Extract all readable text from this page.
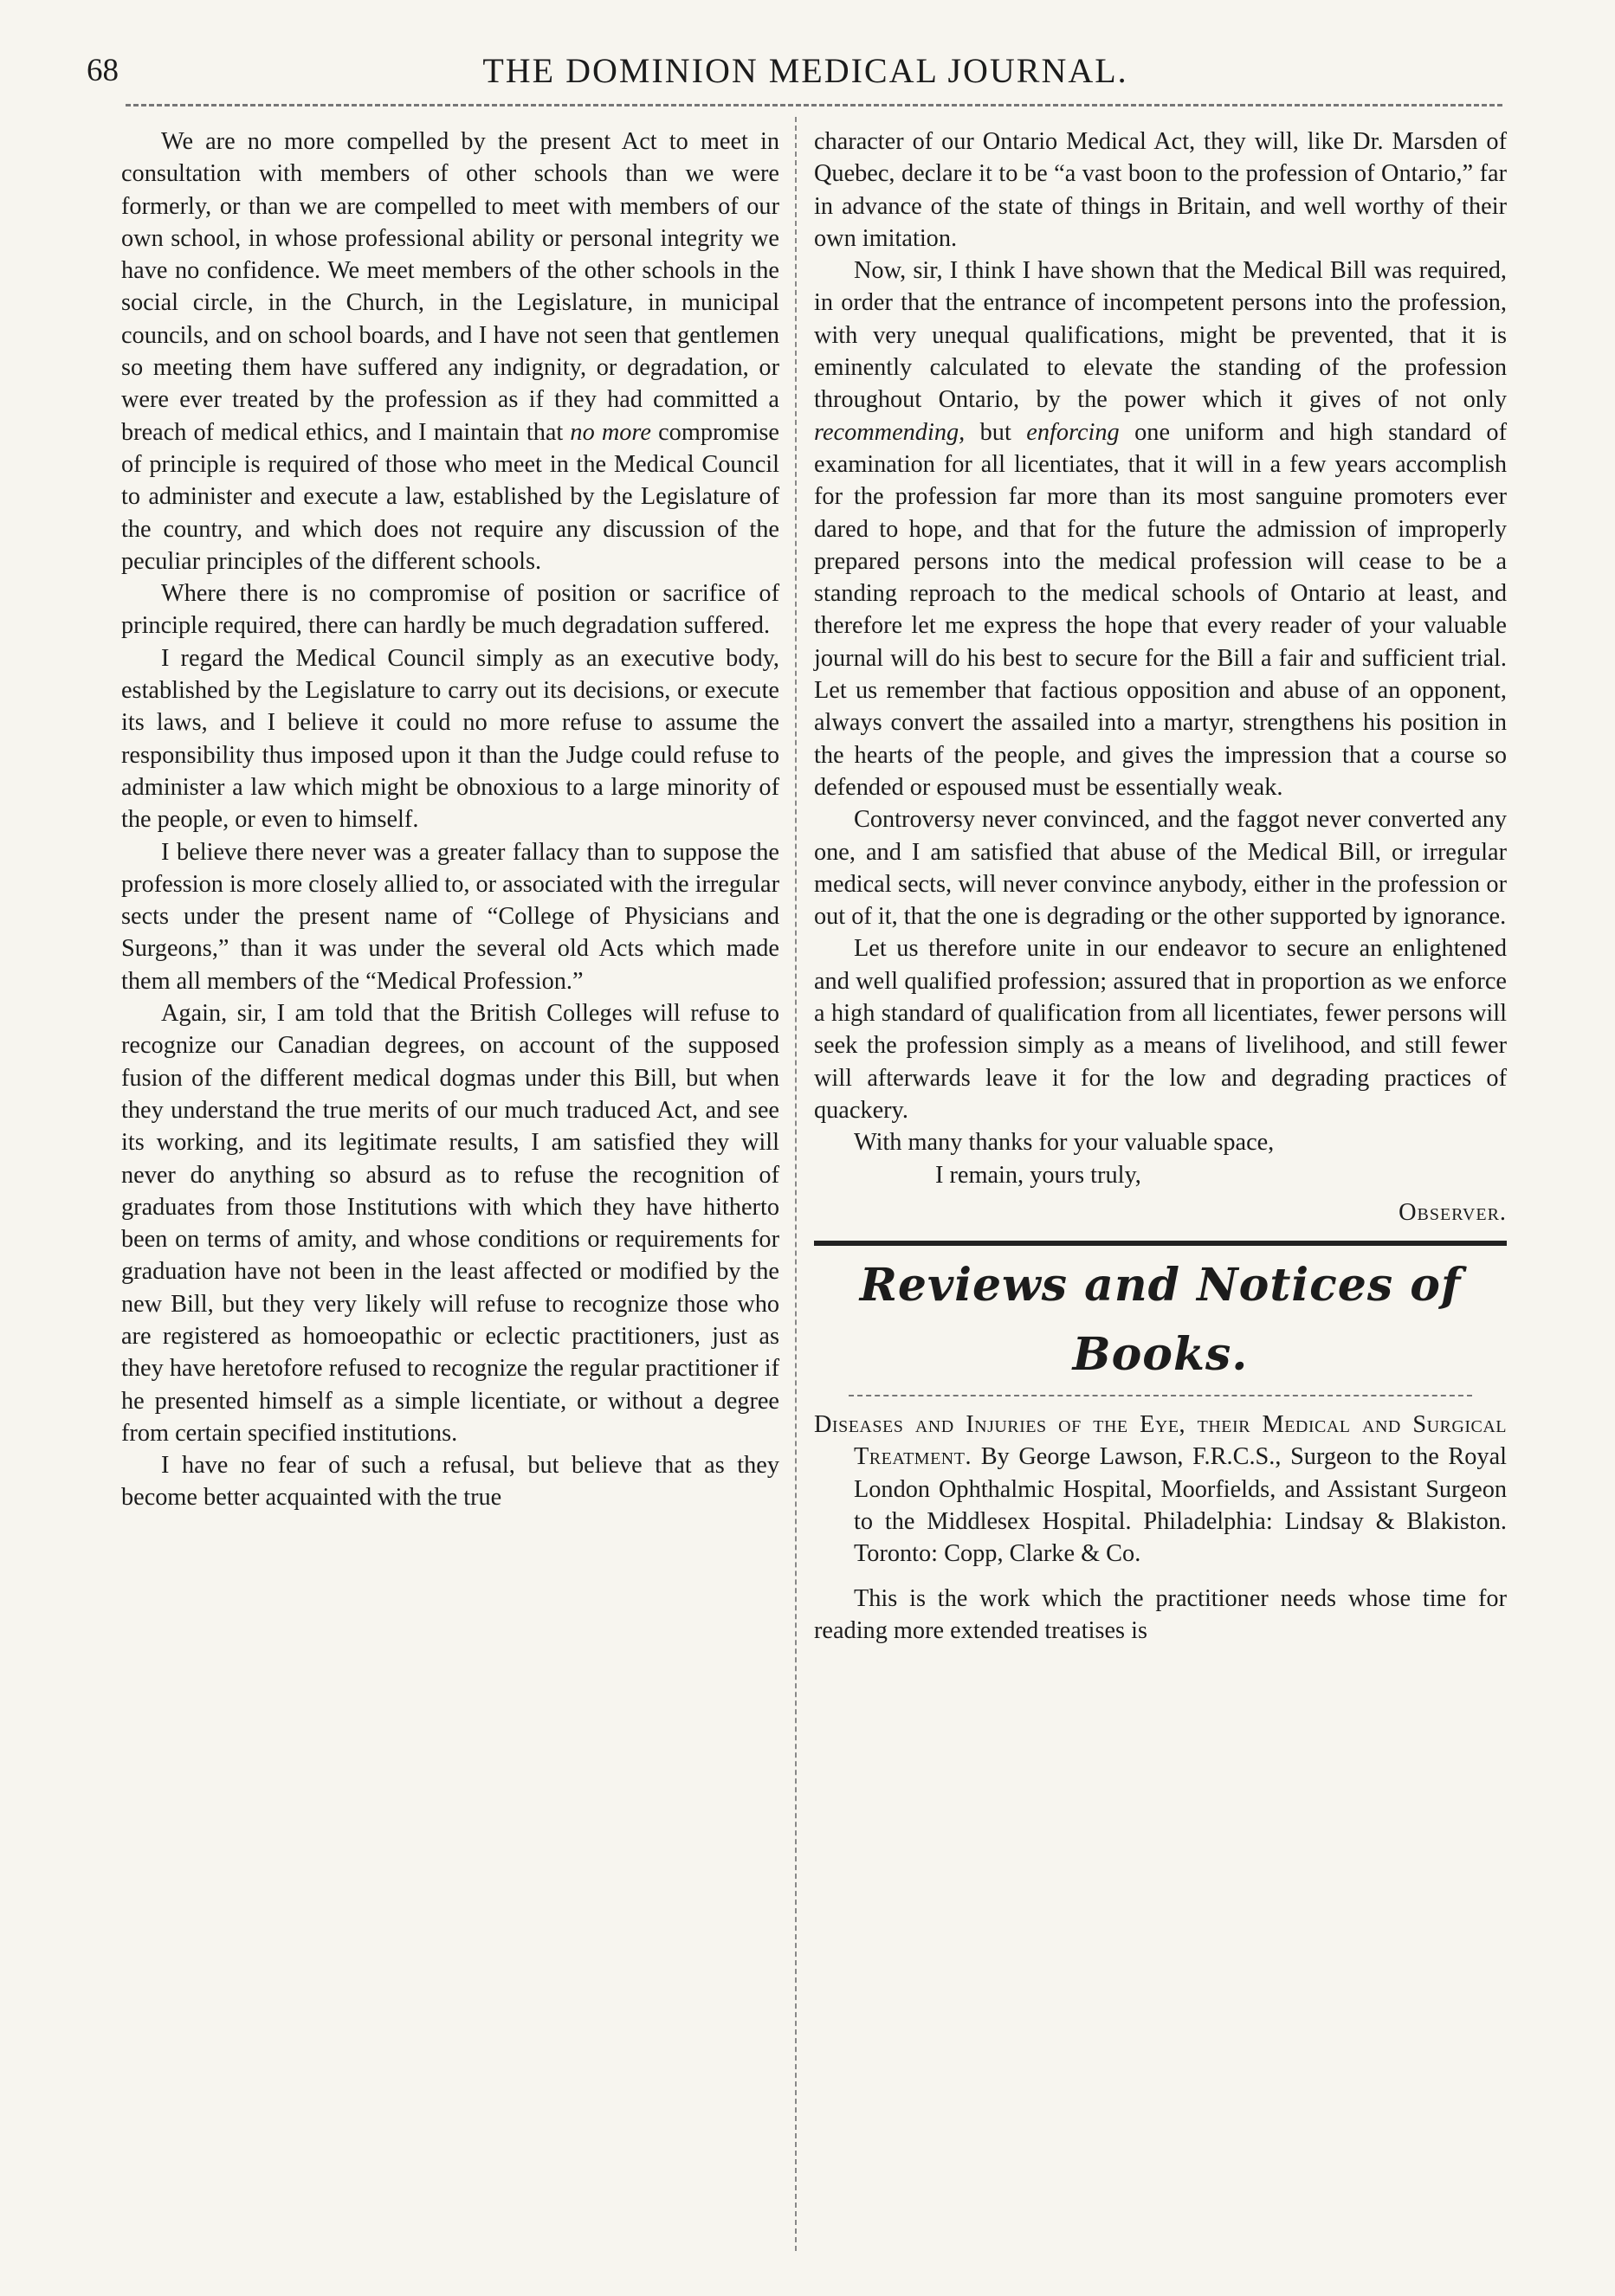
68	THE DOMINION MEDICAL JOURNAL.

We are no more compelled by the present Act to meet in consultation with members of other schools than we were formerly, or than we are compelled to meet with members of our own school, in whose professional ability or personal integrity we have no confidence. We meet members of the other schools in the social circle, in the Church, in the Legislature, in municipal councils, and on school boards, and I have not seen that gentlemen so meeting them have suffered any indignity, or degradation, or were ever treated by the profession as if they had committed a breach of medical ethics, and I maintain that no more compromise of principle is required of those who meet in the Medical Council to administer and execute a law, established by the Legislature of the country, and which does not require any discussion of the peculiar principles of the different schools.

Where there is no compromise of position or sacrifice of principle required, there can hardly be much degradation suffered.

I regard the Medical Council simply as an executive body, established by the Legislature to carry out its decisions, or execute its laws, and I believe it could no more refuse to assume the responsibility thus imposed upon it than the Judge could refuse to administer a law which might be obnoxious to a large minority of the people, or even to himself.

I believe there never was a greater fallacy than to suppose the profession is more closely allied to, or associated with the irregular sects under the present name of “College of Physicians and Surgeons,” than it was under the several old Acts which made them all members of the “Medical Profession.”

Again, sir, I am told that the British Colleges will refuse to recognize our Canadian degrees, on account of the supposed fusion of the different medical dogmas under this Bill, but when they understand the true merits of our much traduced Act, and see its working, and its legitimate results, I am satisfied they will never do anything so absurd as to refuse the recognition of graduates from those Institutions with which they have hitherto been on terms of amity, and whose conditions or requirements for graduation have not been in the least affected or modified by the new Bill, but they very likely will refuse to recognize those who are registered as homoeopathic or eclectic practitioners, just as they have heretofore refused to recognize the regular practitioner if he presented himself as a simple licentiate, or without a degree from certain specified institutions.

I have no fear of such a refusal, but believe that as they become better acquainted with the true

character of our Ontario Medical Act, they will, like Dr. Marsden of Quebec, declare it to be “a vast boon to the profession of Ontario,” far in advance of the state of things in Britain, and well worthy of their own imitation.

Now, sir, I think I have shown that the Medical Bill was required, in order that the entrance of incompetent persons into the profession, with very unequal qualifications, might be prevented, that it is eminently calculated to elevate the standing of the profession throughout Ontario, by the power which it gives of not only recommending, but enforcing one uniform and high standard of examination for all licentiates, that it will in a few years accomplish for the profession far more than its most sanguine promoters ever dared to hope, and that for the future the admission of improperly prepared persons into the medical profession will cease to be a standing reproach to the medical schools of Ontario at least, and therefore let me express the hope that every reader of your valuable journal will do his best to secure for the Bill a fair and sufficient trial. Let us remember that factious opposition and abuse of an opponent, always convert the assailed into a martyr, strengthens his position in the hearts of the people, and gives the impression that a course so defended or espoused must be essentially weak.

Controversy never convinced, and the faggot never converted any one, and I am satisfied that abuse of the Medical Bill, or irregular medical sects, will never convince anybody, either in the profession or out of it, that the one is degrading or the other supported by ignorance.

Let us therefore unite in our endeavor to secure an enlightened and well qualified profession; assured that in proportion as we enforce a high standard of qualification from all licentiates, fewer persons will seek the profession simply as a means of livelihood, and still fewer will afterwards leave it for the low and degrading practices of quackery.

With many thanks for your valuable space,

I remain, yours truly,

Observer.

Reviews and Notices of Books.

Diseases and Injuries of the Eye, their Medical and Surgical Treatment. By George Lawson, F.R.C.S., Surgeon to the Royal London Ophthalmic Hospital, Moorfields, and Assistant Surgeon to the Middlesex Hospital. Philadelphia: Lindsay & Blakiston. Toronto: Copp, Clarke & Co.

This is the work which the practitioner needs whose time for reading more extended treatises is
